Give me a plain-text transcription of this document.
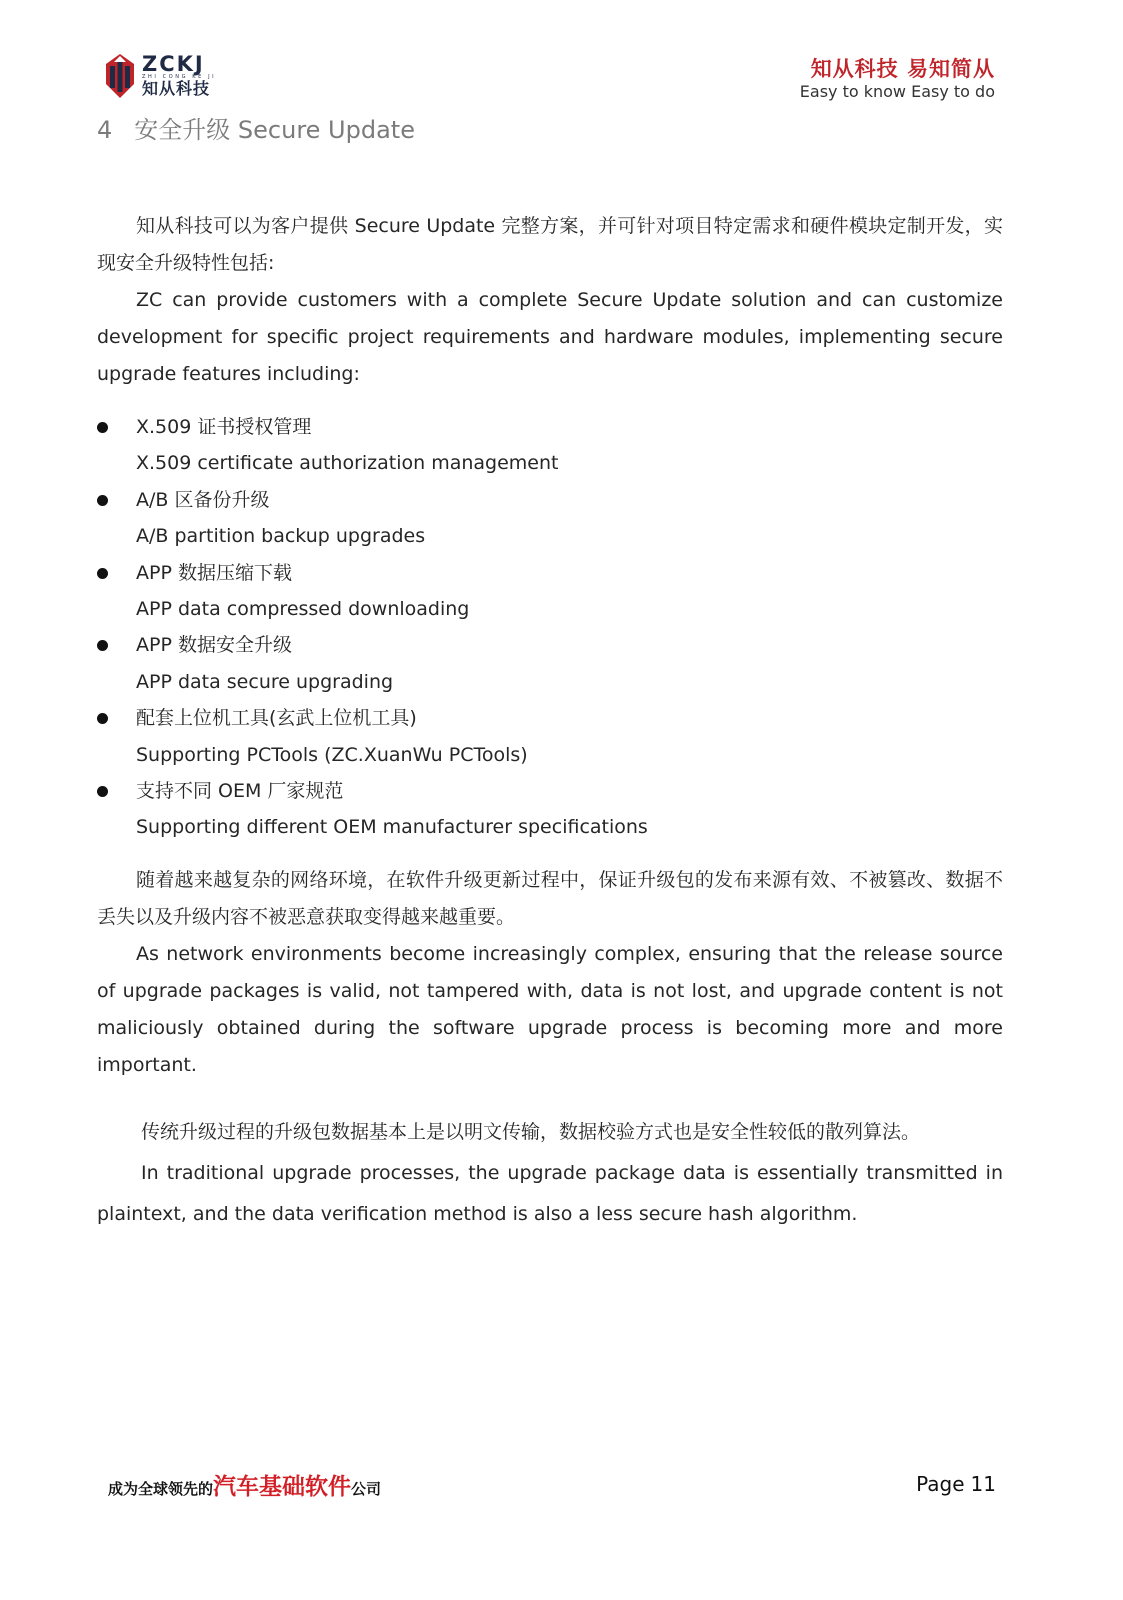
ZCKJ
ZHI CONG KE JI
知从科技
知从科技 易知简从
Easy to know Easy to do
4 安全升级 Secure Update

知从科技可以为客户提供 Secure Update 完整方案，并可针对项目特定需求和硬件模块定制开发，实现安全升级特性包括:

ZC can provide customers with a complete Secure Update solution and can customize development for specific project requirements and hardware modules, implementing secure upgrade features including:

X.509 证书授权管理
X.509 certificate authorization management
A/B 区备份升级
A/B partition backup upgrades
APP 数据压缩下载
APP data compressed downloading
APP 数据安全升级
APP data secure upgrading
配套上位机工具(玄武上位机工具)
Supporting PCTools (ZC.XuanWu PCTools)
支持不同 OEM 厂家规范
Supporting different OEM manufacturer specifications

随着越来越复杂的网络环境，在软件升级更新过程中，保证升级包的发布来源有效、不被篡改、数据不丢失以及升级内容不被恶意获取变得越来越重要。

As network environments become increasingly complex, ensuring that the release source of upgrade packages is valid, not tampered with, data is not lost, and upgrade content is not maliciously obtained during the software upgrade process is becoming more and more important.

传统升级过程的升级包数据基本上是以明文传输，数据校验方式也是安全性较低的散列算法。

In traditional upgrade processes, the upgrade package data is essentially transmitted in plaintext, and the data verification method is also a less secure hash algorithm.

成为全球领先的汽车基础软件公司	Page 11
